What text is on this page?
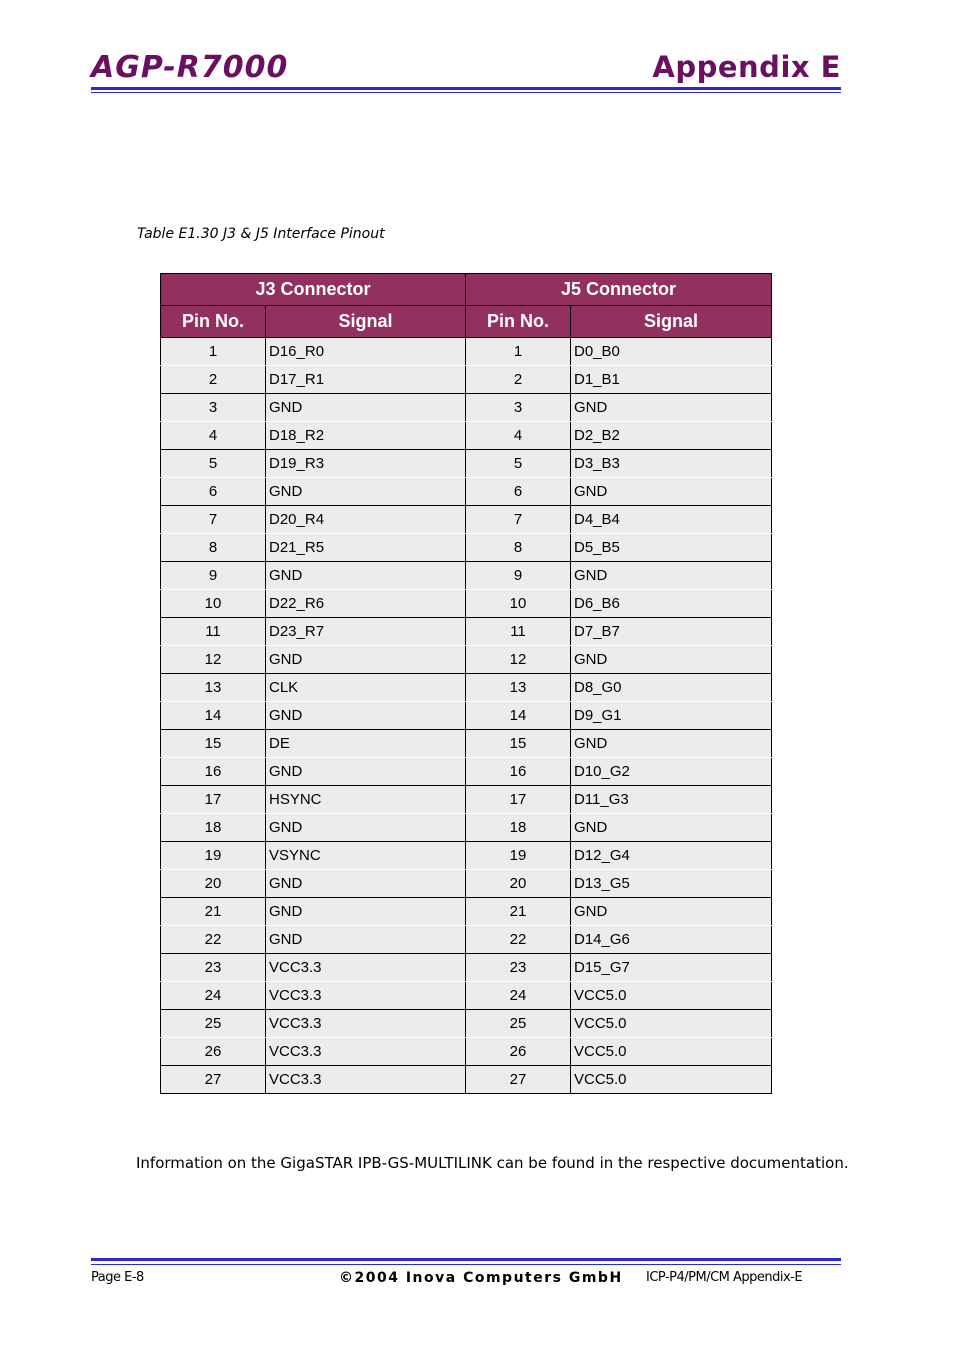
AGP-R7000	Appendix E
Table E1.30 J3 & J5 Interface Pinout
J3 Connector		J5 Connector	
Pin No.	Signal	Pin No.	Signal
1	D16_R0	1	D0_B0
2	D17_R1	2	D1_B1
3	GND	3	GND
4	D18_R2	4	D2_B2
5	D19_R3	5	D3_B3
6	GND	6	GND
7	D20_R4	7	D4_B4
8	D21_R5	8	D5_B5
9	GND	9	GND
10	D22_R6	10	D6_B6
11	D23_R7	11	D7_B7
12	GND	12	GND
13	CLK	13	D8_G0
14	GND	14	D9_G1
15	DE	15	GND
16	GND	16	D10_G2
17	HSYNC	17	D11_G3
18	GND	18	GND
19	VSYNC	19	D12_G4
20	GND	20	D13_G5
21	GND	21	GND
22	GND	22	D14_G6
23	VCC3.3	23	D15_G7
24	VCC3.3	24	VCC5.0
25	VCC3.3	25	VCC5.0
26	VCC3.3	26	VCC5.0
27	VCC3.3	27	VCC5.0
Information on the GigaSTAR IPB-GS-MULTILINK can be found in the respective documentation.
Page E-8	©2004 Inova Computers GmbH ICP-P4/PM/CM Appendix-E
